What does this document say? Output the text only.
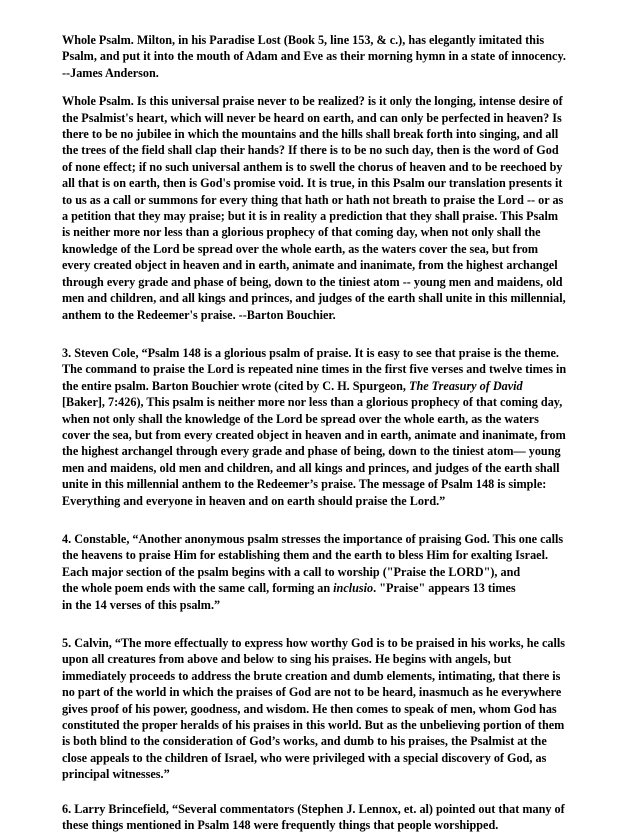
Whole Psalm. Milton, in his Paradise Lost (Book 5, line 153, & c.), has elegantly imitated this
Psalm, and put it into the mouth of Adam and Eve as their morning hymn in a state of innocency.
--James Anderson.

Whole Psalm. Is this universal praise never to be realized? is it only the longing, intense desire of
the Psalmist's heart, which will never be heard on earth, and can only be perfected in heaven? Is
there to be no jubilee in which the mountains and the hills shall break forth into singing, and all
the trees of the field shall clap their hands? If there is to be no such day, then is the word of God
of none effect; if no such universal anthem is to swell the chorus of heaven and to be reechoed by
all that is on earth, then is God's promise void. It is true, in this Psalm our translation presents it
to us as a call or summons for every thing that hath or hath not breath to praise the Lord -- or as
a petition that they may praise; but it is in reality a prediction that they shall praise. This Psalm
is neither more nor less than a glorious prophecy of that coming day, when not only shall the
knowledge of the Lord be spread over the whole earth, as the waters cover the sea, but from
every created object in heaven and in earth, animate and inanimate, from the highest archangel
through every grade and phase of being, down to the tiniest atom -- young men and maidens, old
men and children, and all kings and princes, and judges of the earth shall unite in this millennial,
anthem to the Redeemer's praise. --Barton Bouchier.

3. Steven Cole, “Psalm 148 is a glorious psalm of praise. It is easy to see that praise is the theme.
The command to praise the Lord is repeated nine times in the first five verses and twelve times in
the entire psalm. Barton Bouchier wrote (cited by C. H. Spurgeon, The Treasury of David
[Baker], 7:426), This psalm is neither more nor less than a glorious prophecy of that coming day,
when not only shall the knowledge of the Lord be spread over the whole earth, as the waters
cover the sea, but from every created object in heaven and in earth, animate and inanimate, from
the highest archangel through every grade and phase of being, down to the tiniest atom— young
men and maidens, old men and children, and all kings and princes, and judges of the earth shall
unite in this millennial anthem to the Redeemer’s praise. The message of Psalm 148 is simple:
Everything and everyone in heaven and on earth should praise the Lord.”

4. Constable, “Another anonymous psalm stresses the importance of praising God. This one calls
the heavens to praise Him for establishing them and the earth to bless Him for exalting Israel.
Each major section of the psalm begins with a call to worship ("Praise the LORD"), and
the whole poem ends with the same call, forming an inclusio. "Praise" appears 13 times
in the 14 verses of this psalm.”

5. Calvin, “The more effectually to express how worthy God is to be praised in his works, he calls
upon all creatures from above and below to sing his praises. He begins with angels, but
immediately proceeds to address the brute creation and dumb elements, intimating, that there is
no part of the world in which the praises of God are not to be heard, inasmuch as he everywhere
gives proof of his power, goodness, and wisdom. He then comes to speak of men, whom God has
constituted the proper heralds of his praises in this world. But as the unbelieving portion of them
is both blind to the consideration of God’s works, and dumb to his praises, the Psalmist at the
close appeals to the children of Israel, who were privileged with a special discovery of God, as
principal witnesses.”

6. Larry Brincefield, “Several commentators (Stephen J. Lennox, et. al) pointed out that many of
these things mentioned in Psalm 148 were frequently things that people worshipped.
